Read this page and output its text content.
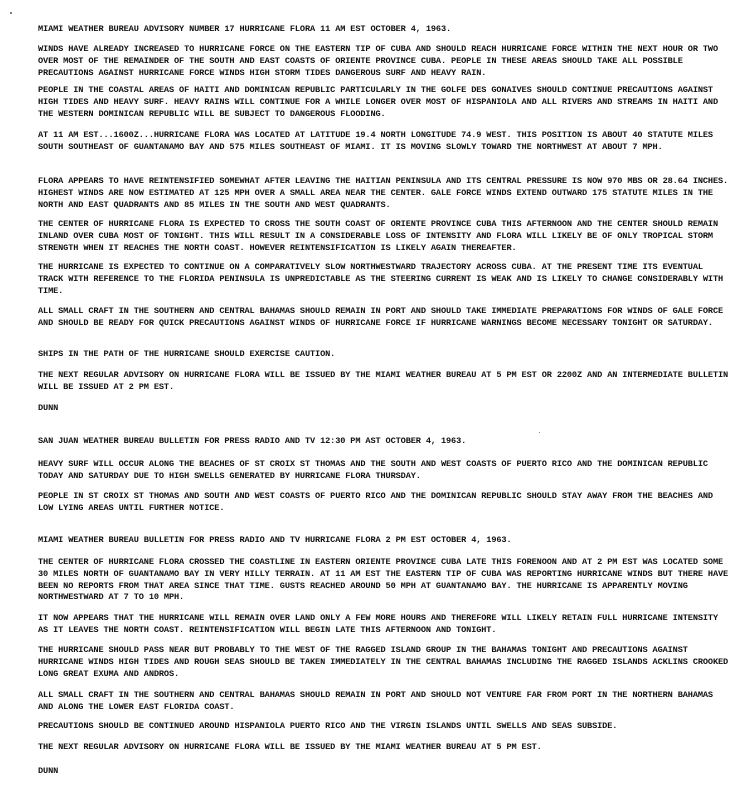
MIAMI WEATHER BUREAU ADVISORY NUMBER 17 HURRICANE FLORA 11 AM EST OCTOBER 4, 1963.
WINDS HAVE ALREADY INCREASED TO HURRICANE FORCE ON THE EASTERN TIP OF CUBA AND SHOULD REACH HURRICANE FORCE WITHIN THE NEXT HOUR OR TWO OVER MOST OF THE REMAINDER OF THE SOUTH AND EAST COASTS OF ORIENTE PROVINCE CUBA. PEOPLE IN THESE AREAS SHOULD TAKE ALL POSSIBLE PRECAUTIONS AGAINST HURRICANE FORCE WINDS HIGH STORM TIDES DANGEROUS SURF AND HEAVY RAIN.
PEOPLE IN THE COASTAL AREAS OF HAITI AND DOMINICAN REPUBLIC PARTICULARLY IN THE GOLFE DES GONAIVES SHOULD CONTINUE PRECAUTIONS AGAINST HIGH TIDES AND HEAVY SURF. HEAVY RAINS WILL CONTINUE FOR A WHILE LONGER OVER MOST OF HISPANIOLA AND ALL RIVERS AND STREAMS IN HAITI AND THE WESTERN DOMINICAN REPUBLIC WILL BE SUBJECT TO DANGEROUS FLOODING.
AT 11 AM EST...1600Z...HURRICANE FLORA WAS LOCATED AT LATITUDE 19.4 NORTH LONGITUDE 74.9 WEST. THIS POSITION IS ABOUT 40 STATUTE MILES SOUTH SOUTHEAST OF GUANTANAMO BAY AND 575 MILES SOUTHEAST OF MIAMI. IT IS MOVING SLOWLY TOWARD THE NORTHWEST AT ABOUT 7 MPH.
FLORA APPEARS TO HAVE REINTENSIFIED SOMEWHAT AFTER LEAVING THE HAITIAN PENINSULA AND ITS CENTRAL PRESSURE IS NOW 970 MBS OR 28.64 INCHES. HIGHEST WINDS ARE NOW ESTIMATED AT 125 MPH OVER A SMALL AREA NEAR THE CENTER. GALE FORCE WINDS EXTEND OUTWARD 175 STATUTE MILES IN THE NORTH AND EAST QUADRANTS AND 85 MILES IN THE SOUTH AND WEST QUADRANTS.
THE CENTER OF HURRICANE FLORA IS EXPECTED TO CROSS THE SOUTH COAST OF ORIENTE PROVINCE CUBA THIS AFTERNOON AND THE CENTER SHOULD REMAIN INLAND OVER CUBA MOST OF TONIGHT. THIS WILL RESULT IN A CONSIDERABLE LOSS OF INTENSITY AND FLORA WILL LIKELY BE OF ONLY TROPICAL STORM STRENGTH WHEN IT REACHES THE NORTH COAST. HOWEVER REINTENSIFICATION IS LIKELY AGAIN THEREAFTER.
THE HURRICANE IS EXPECTED TO CONTINUE ON A COMPARATIVELY SLOW NORTHWESTWARD TRAJECTORY ACROSS CUBA. AT THE PRESENT TIME ITS EVENTUAL TRACK WITH REFERENCE TO THE FLORIDA PENINSULA IS UNPREDICTABLE AS THE STEERING CURRENT IS WEAK AND IS LIKELY TO CHANGE CONSIDERABLY WITH TIME.
ALL SMALL CRAFT IN THE SOUTHERN AND CENTRAL BAHAMAS SHOULD REMAIN IN PORT AND SHOULD TAKE IMMEDIATE PREPARATIONS FOR WINDS OF GALE FORCE AND SHOULD BE READY FOR QUICK PRECAUTIONS AGAINST WINDS OF HURRICANE FORCE IF HURRICANE WARNINGS BECOME NECESSARY TONIGHT OR SATURDAY.
SHIPS IN THE PATH OF THE HURRICANE SHOULD EXERCISE CAUTION.
THE NEXT REGULAR ADVISORY ON HURRICANE FLORA WILL BE ISSUED BY THE MIAMI WEATHER BUREAU AT 5 PM EST OR 2200Z AND AN INTERMEDIATE BULLETIN WILL BE ISSUED AT 2 PM EST.
DUNN
SAN JUAN WEATHER BUREAU BULLETIN FOR PRESS RADIO AND TV 12:30 PM AST OCTOBER 4, 1963.
HEAVY SURF WILL OCCUR ALONG THE BEACHES OF ST CROIX ST THOMAS AND THE SOUTH AND WEST COASTS OF PUERTO RICO AND THE DOMINICAN REPUBLIC TODAY AND SATURDAY DUE TO HIGH SWELLS GENERATED BY HURRICANE FLORA THURSDAY.
PEOPLE IN ST CROIX ST THOMAS AND SOUTH AND WEST COASTS OF PUERTO RICO AND THE DOMINICAN REPUBLIC SHOULD STAY AWAY FROM THE BEACHES AND LOW LYING AREAS UNTIL FURTHER NOTICE.
MIAMI WEATHER BUREAU BULLETIN FOR PRESS RADIO AND TV HURRICANE FLORA 2 PM EST OCTOBER 4, 1963.
THE CENTER OF HURRICANE FLORA CROSSED THE COASTLINE IN EASTERN ORIENTE PROVINCE CUBA LATE THIS FORENOON AND AT 2 PM EST WAS LOCATED SOME 30 MILES NORTH OF GUANTANAMO BAY IN VERY HILLY TERRAIN. AT 11 AM EST THE EASTERN TIP OF CUBA WAS REPORTING HURRICANE WINDS BUT THERE HAVE BEEN NO REPORTS FROM THAT AREA SINCE THAT TIME. GUSTS REACHED AROUND 50 MPH AT GUANTANAMO BAY. THE HURRICANE IS APPARENTLY MOVING NORTHWESTWARD AT 7 TO 10 MPH.
IT NOW APPEARS THAT THE HURRICANE WILL REMAIN OVER LAND ONLY A FEW MORE HOURS AND THEREFORE WILL LIKELY RETAIN FULL HURRICANE INTENSITY AS IT LEAVES THE NORTH COAST. REINTENSIFICATION WILL BEGIN LATE THIS AFTERNOON AND TONIGHT.
THE HURRICANE SHOULD PASS NEAR BUT PROBABLY TO THE WEST OF THE RAGGED ISLAND GROUP IN THE BAHAMAS TONIGHT AND PRECAUTIONS AGAINST HURRICANE WINDS HIGH TIDES AND ROUGH SEAS SHOULD BE TAKEN IMMEDIATELY IN THE CENTRAL BAHAMAS INCLUDING THE RAGGED ISLANDS ACKLINS CROOKED LONG GREAT EXUMA AND ANDROS.
ALL SMALL CRAFT IN THE SOUTHERN AND CENTRAL BAHAMAS SHOULD REMAIN IN PORT AND SHOULD NOT VENTURE FAR FROM PORT IN THE NORTHERN BAHAMAS AND ALONG THE LOWER EAST FLORIDA COAST.
PRECAUTIONS SHOULD BE CONTINUED AROUND HISPANIOLA PUERTO RICO AND THE VIRGIN ISLANDS UNTIL SWELLS AND SEAS SUBSIDE.
THE NEXT REGULAR ADVISORY ON HURRICANE FLORA WILL BE ISSUED BY THE MIAMI WEATHER BUREAU AT 5 PM EST.
DUNN
